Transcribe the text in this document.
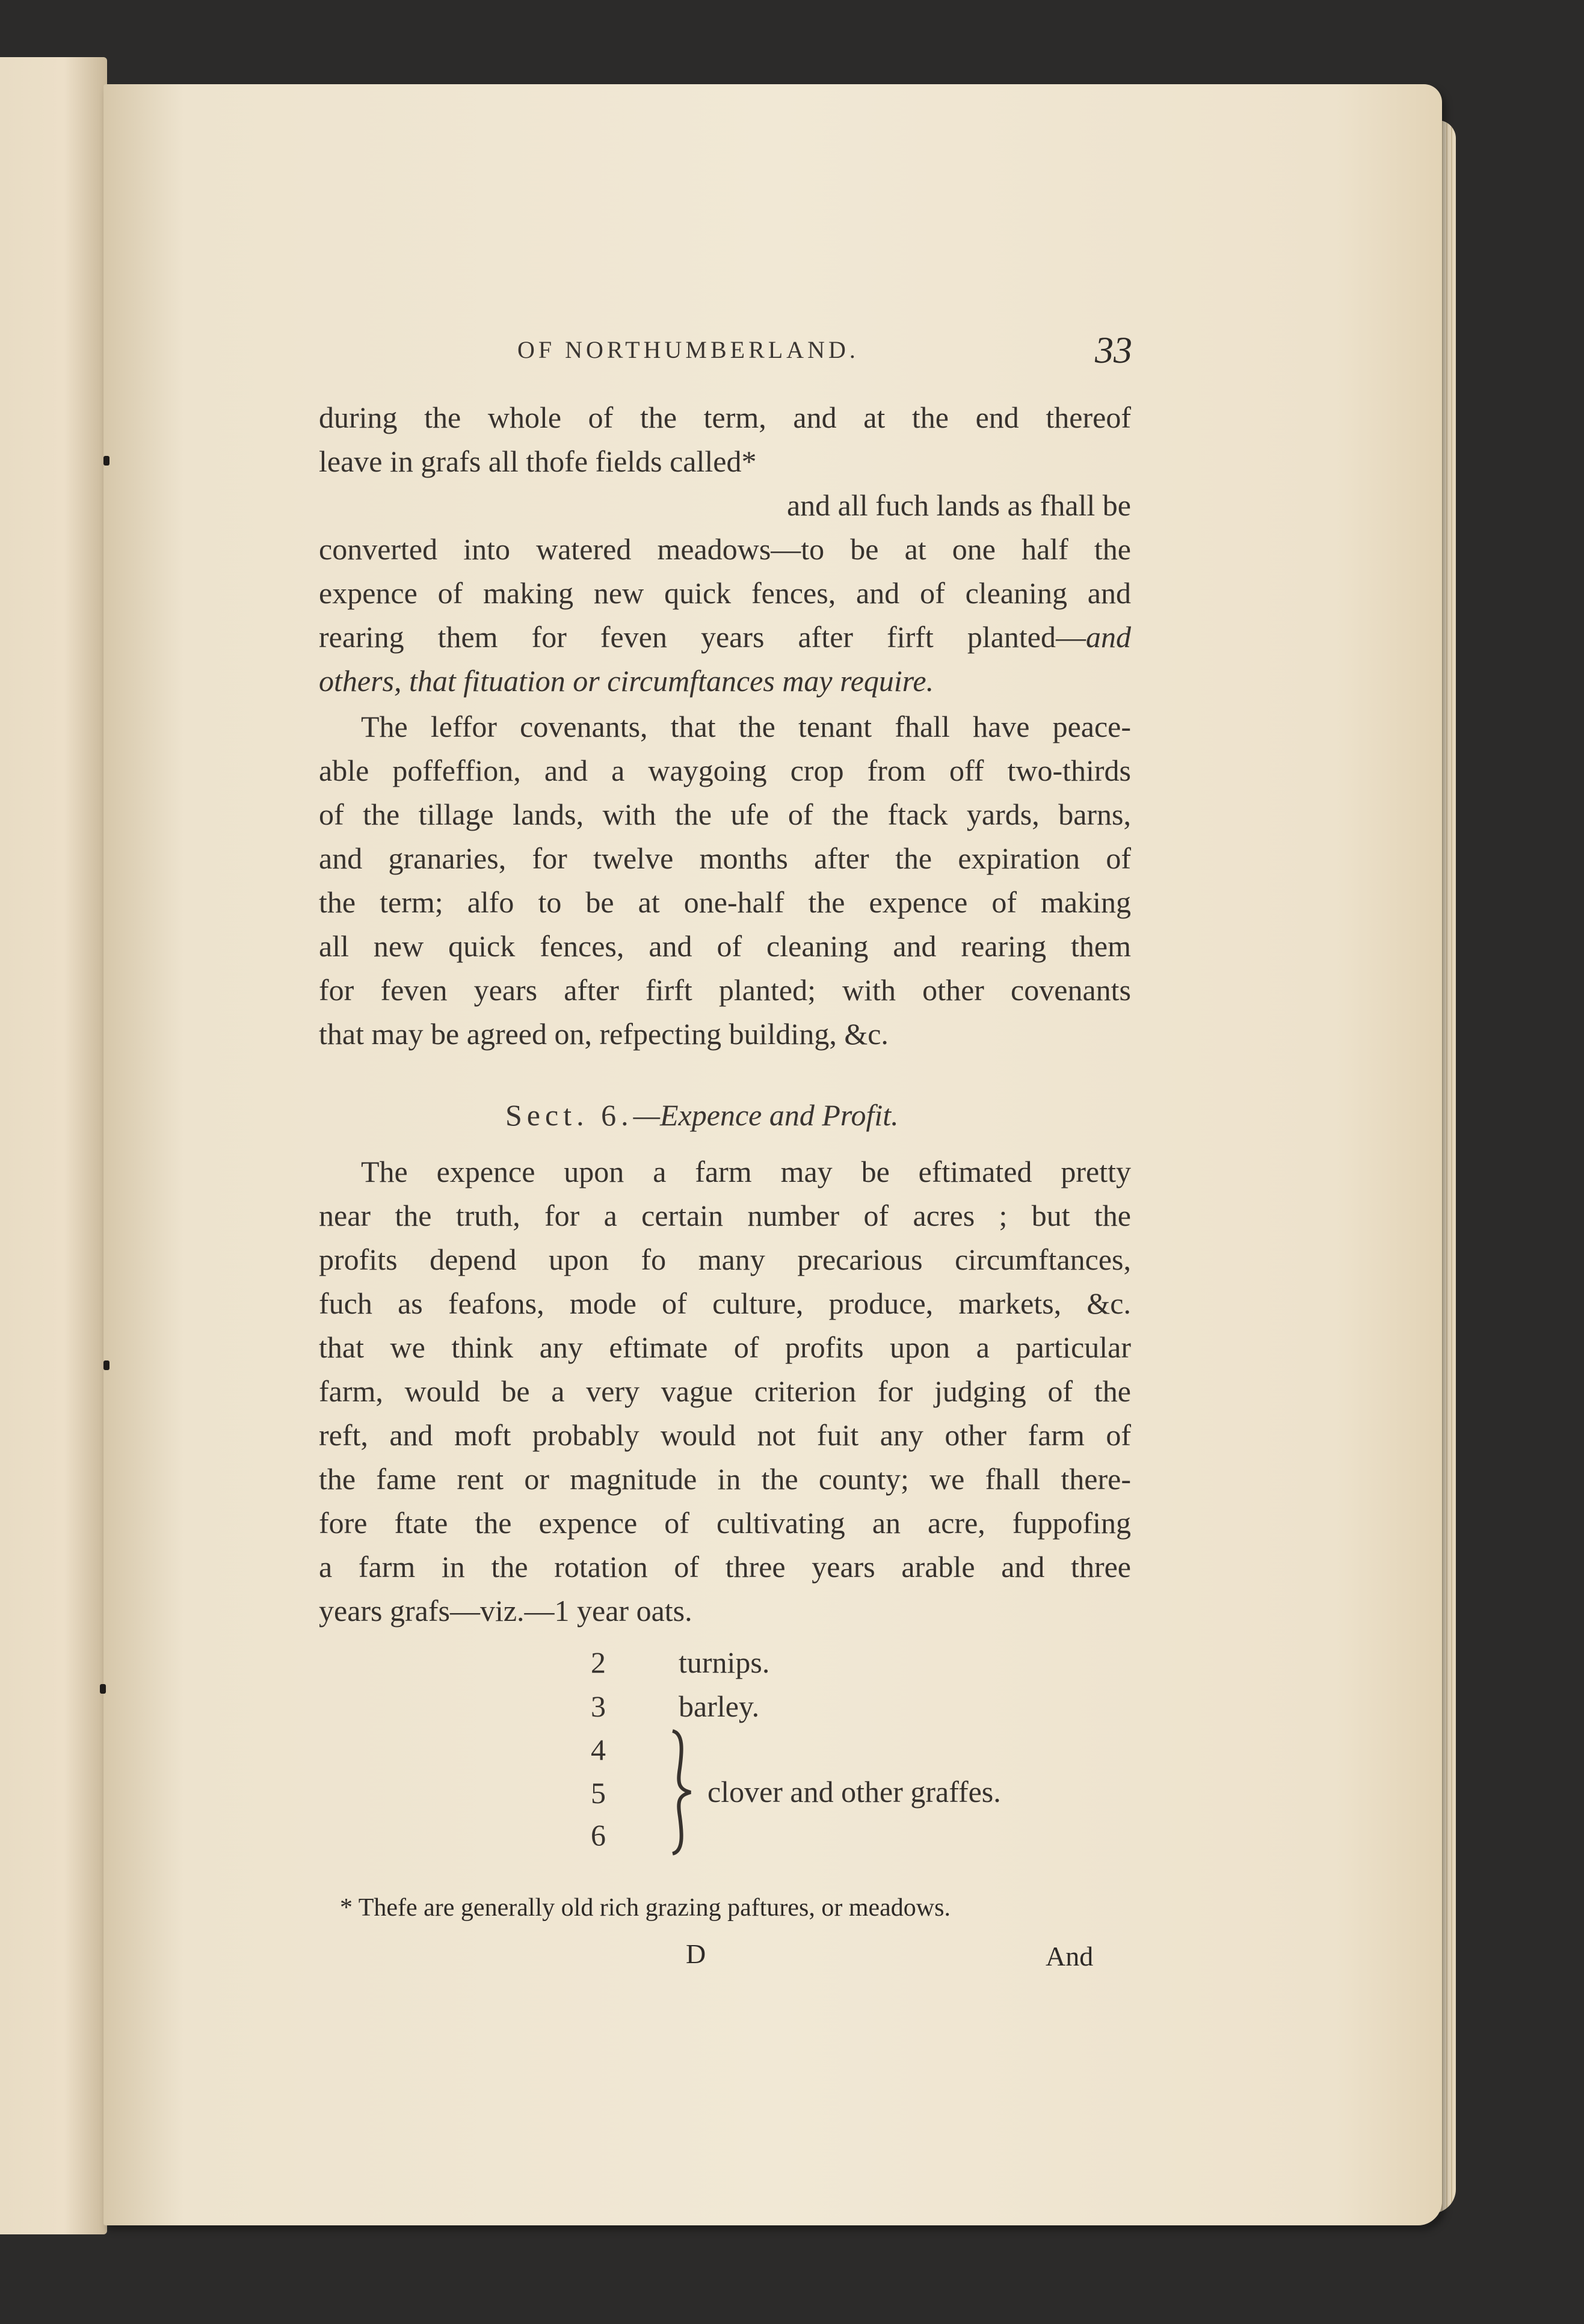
OF NORTHUMBERLAND.	33
during the whole of the term, and at the end thereof
leave in grafs all thofe fields called*
and all fuch lands as fhall be
converted into watered meadows—to be at one half the
expence of making new quick fences, and of cleaning and
rearing them for feven years after firft planted—and
others, that fituation or circumftances may require.
The leffor covenants, that the tenant fhall have peace-
able poffeffion, and a waygoing crop from off two-thirds
of the tillage lands, with the ufe of the ftack yards, barns,
and granaries, for twelve months after the expiration of
the term; alfo to be at one-half the expence of making
all new quick fences, and of cleaning and rearing them
for feven years after firft planted; with other covenants
that may be agreed on, refpecting building, &c.
Sect. 6.—Expence and Profit.
The expence upon a farm may be eftimated pretty
near the truth, for a certain number of acres ; but the
profits depend upon fo many precarious circumftances,
fuch as feafons, mode of culture, produce, markets, &c.
that we think any eftimate of profits upon a particular
farm, would be a very vague criterion for judging of the
reft, and moft probably would not fuit any other farm of
the fame rent or magnitude in the county; we fhall there-
fore ftate the expence of cultivating an acre, fuppofing
a farm in the rotation of three years arable and three
years grafs—viz.—1 year oats.
2 turnips.
3 barley.
4
5	clover and other graffes.
6
* Thefe are generally old rich grazing paftures, or meadows.
D	And
